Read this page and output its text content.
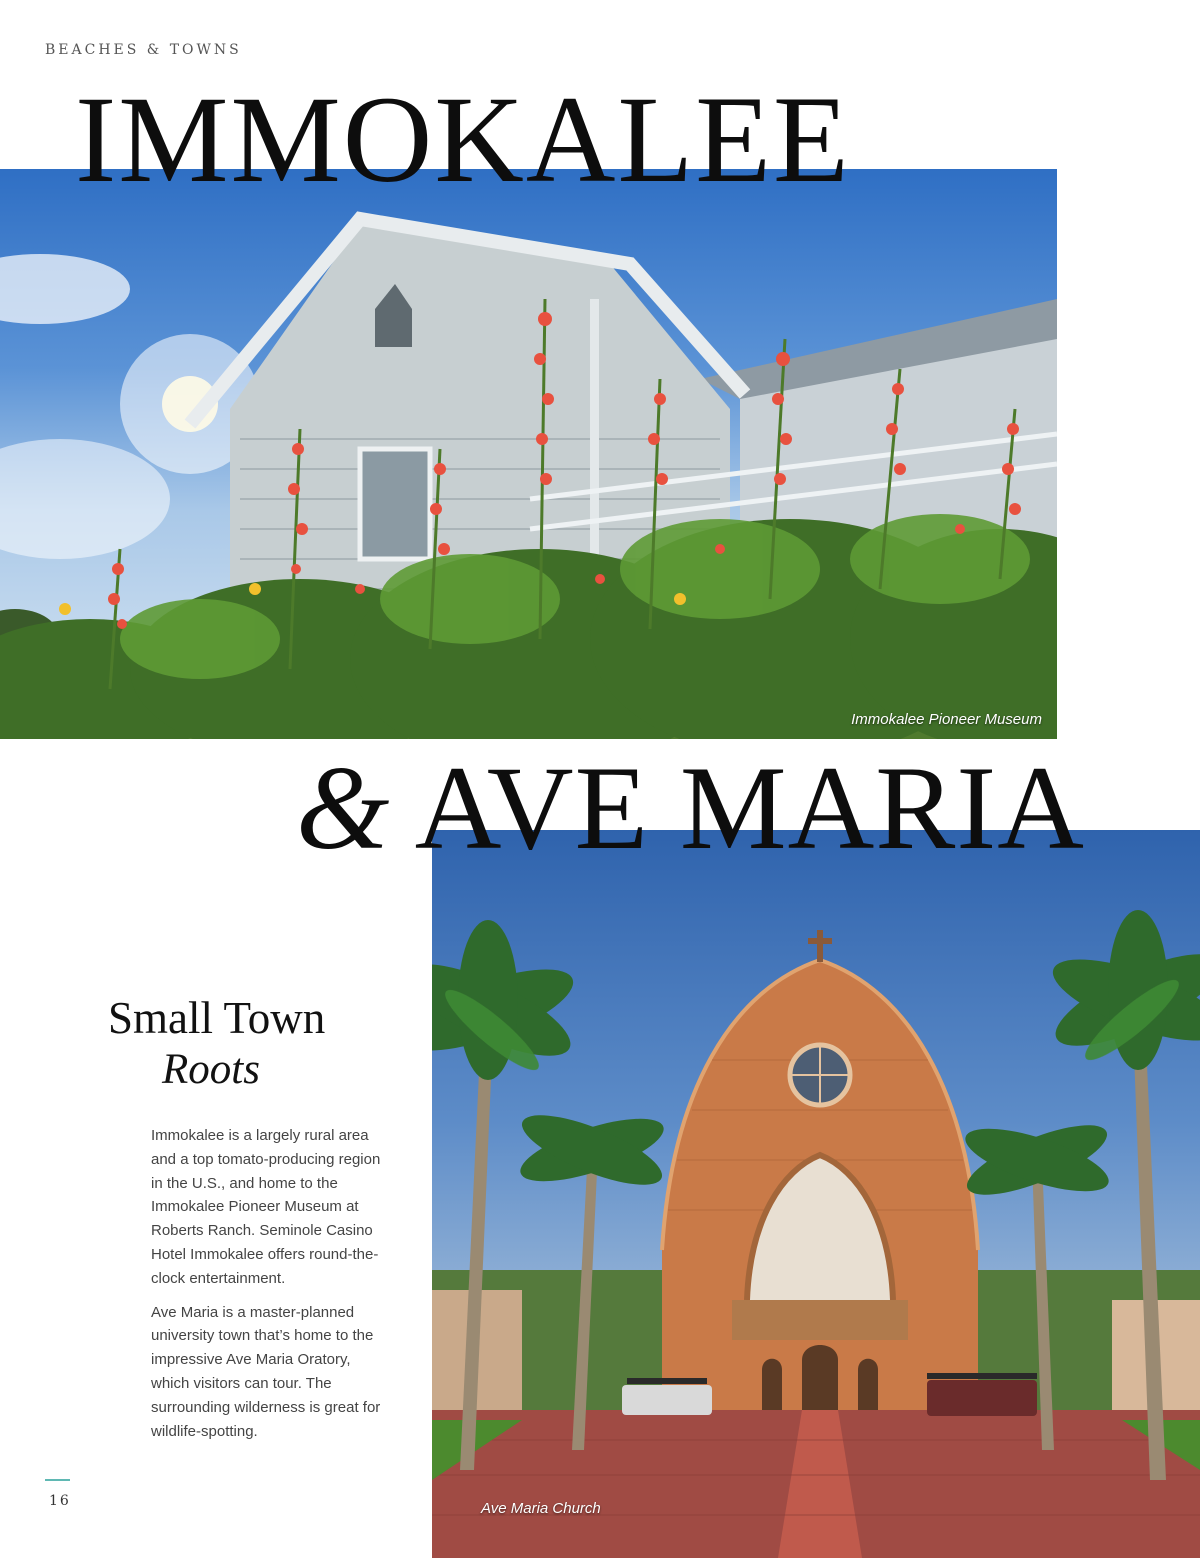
BEACHES & TOWNS
IMMOKALEE
Immokalee Pioneer Museum
& AVE MARIA
Ave Maria Church
Small Town
Roots

Immokalee is a largely rural area and a top tomato-producing region in the U.S., and home to the Immokalee Pioneer Museum at Roberts Ranch. Seminole Casino Hotel Immokalee offers round-the-clock entertainment.

Ave Maria is a master-planned university town that’s home to the impressive Ave Maria Oratory, which visitors can tour. The surrounding wilderness is great for wildlife-spotting.

16
